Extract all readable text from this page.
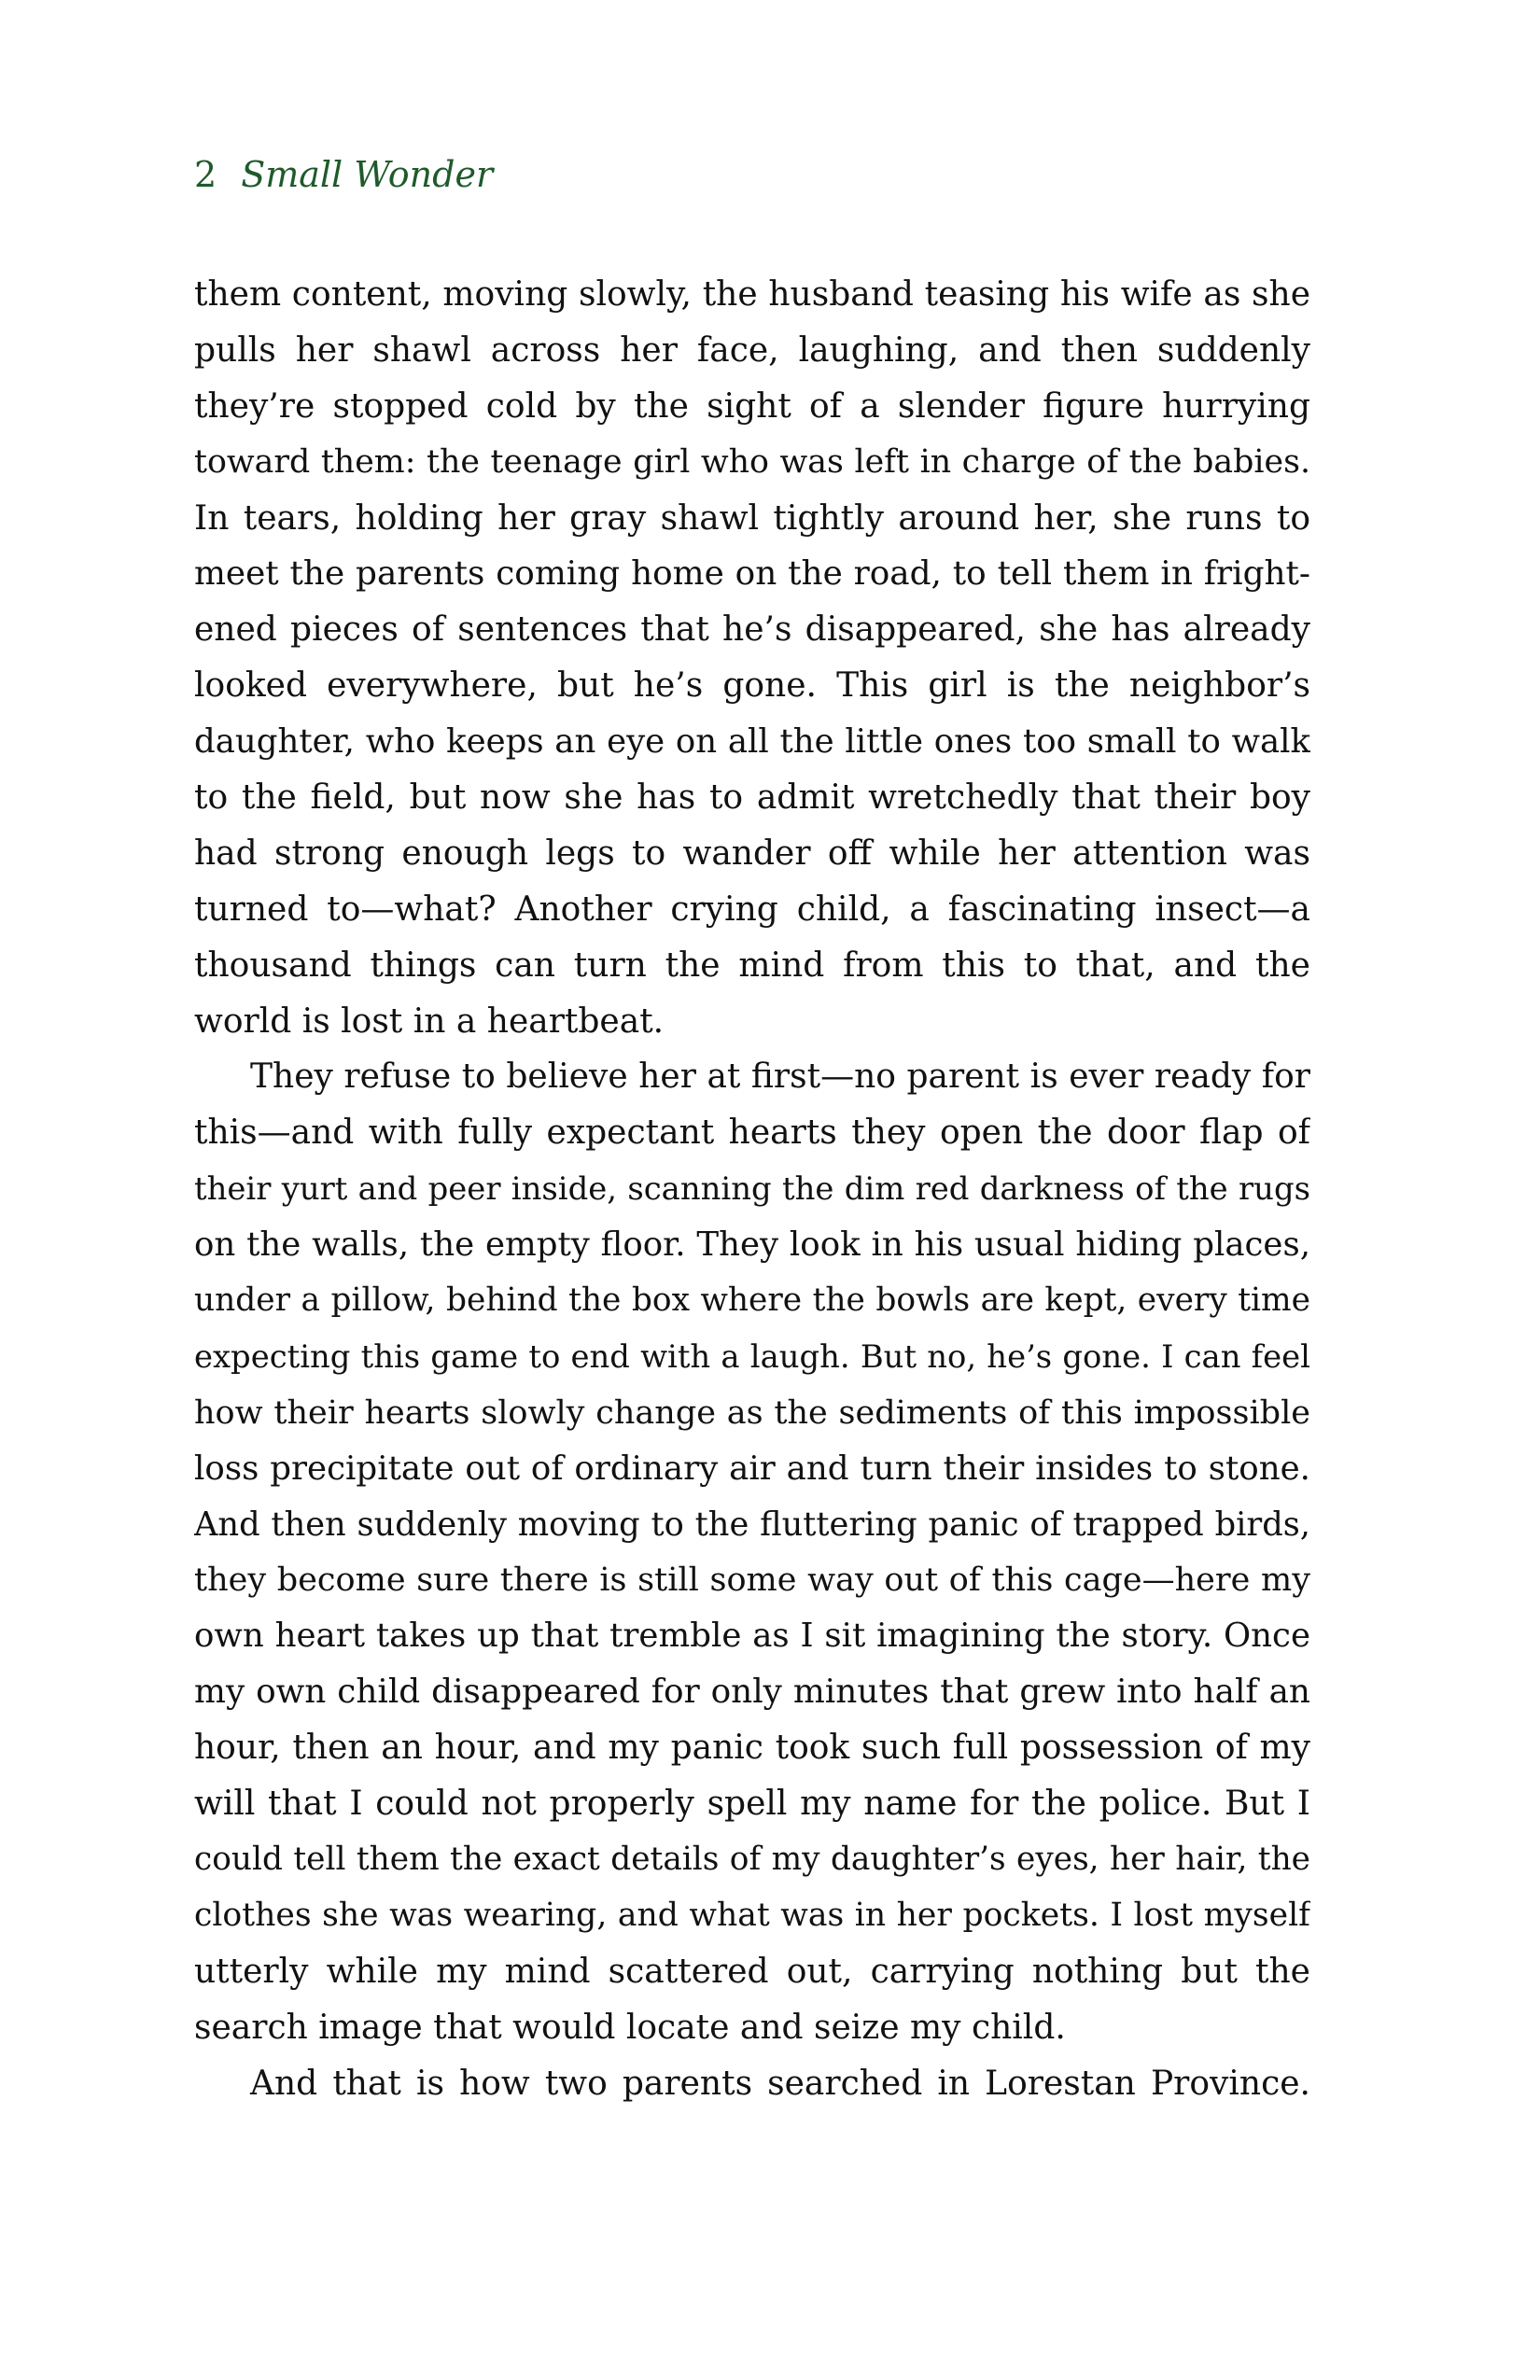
2 Small Wonder
them content, moving slowly, the husband teasing his wife as she
pulls her shawl across her face, laughing, and then suddenly
they’re stopped cold by the sight of a slender figure hurrying
toward them: the teenage girl who was left in charge of the babies.
In tears, holding her gray shawl tightly around her, she runs to
meet the parents coming home on the road, to tell them in fright-
ened pieces of sentences that he’s disappeared, she has already
looked everywhere, but he’s gone. This girl is the neighbor’s
daughter, who keeps an eye on all the little ones too small to walk
to the field, but now she has to admit wretchedly that their boy
had strong enough legs to wander off while her attention was
turned to—what? Another crying child, a fascinating insect—a
thousand things can turn the mind from this to that, and the
world is lost in a heartbeat.
They refuse to believe her at first—no parent is ever ready for
this—and with fully expectant hearts they open the door flap of
their yurt and peer inside, scanning the dim red darkness of the rugs
on the walls, the empty floor. They look in his usual hiding places,
under a pillow, behind the box where the bowls are kept, every time
expecting this game to end with a laugh. But no, he’s gone. I can feel
how their hearts slowly change as the sediments of this impossible
loss precipitate out of ordinary air and turn their insides to stone.
And then suddenly moving to the fluttering panic of trapped birds,
they become sure there is still some way out of this cage—here my
own heart takes up that tremble as I sit imagining the story. Once
my own child disappeared for only minutes that grew into half an
hour, then an hour, and my panic took such full possession of my
will that I could not properly spell my name for the police. But I
could tell them the exact details of my daughter’s eyes, her hair, the
clothes she was wearing, and what was in her pockets. I lost myself
utterly while my mind scattered out, carrying nothing but the
search image that would locate and seize my child.
And that is how two parents searched in Lorestan Province.
